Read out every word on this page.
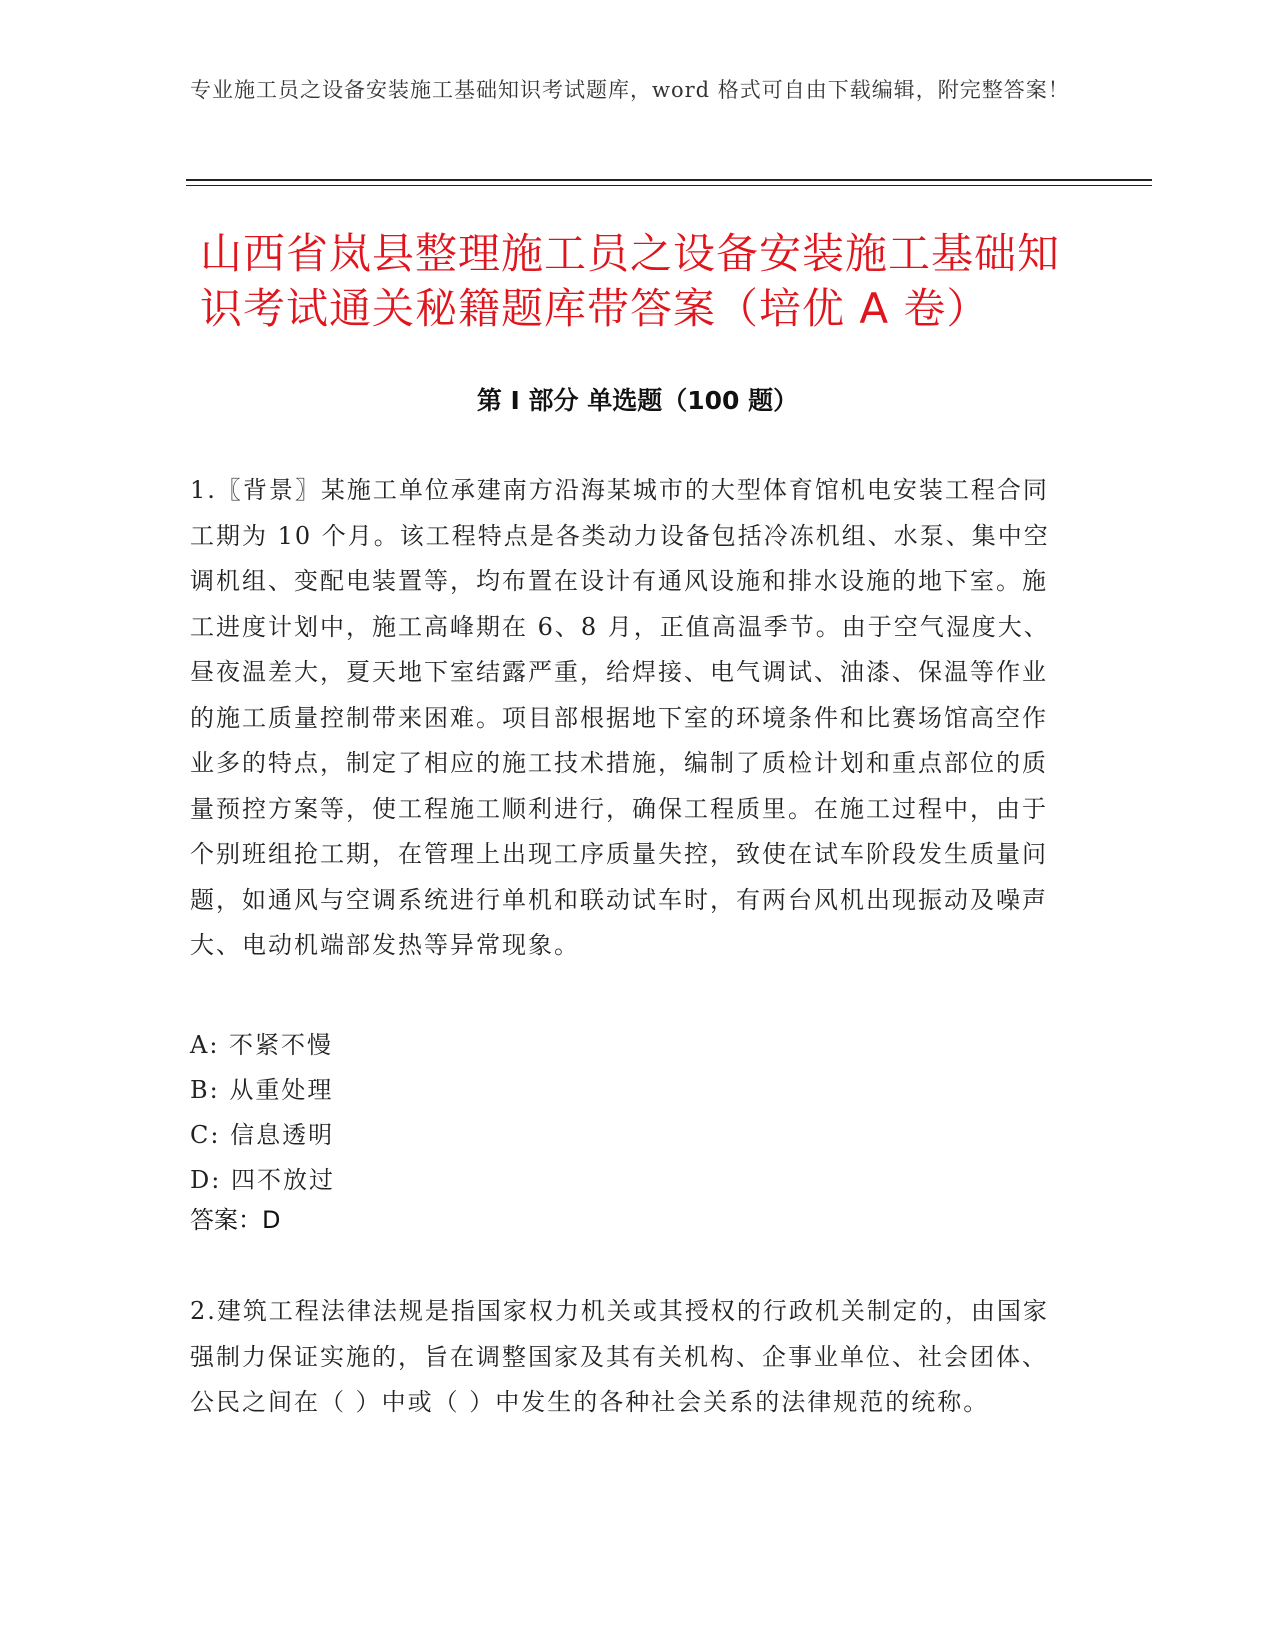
专业施工员之设备安装施工基础知识考试题库，word 格式可自由下载编辑，附完整答案！
山西省岚县整理施工员之设备安装施工基础知识考试通关秘籍题库带答案（培优 A 卷）
第 I 部分 单选题（100 题）
1.〖背景〗某施工单位承建南方沿海某城市的大型体育馆机电安装工程合同工期为 10 个月。该工程特点是各类动力设备包括冷冻机组、水泵、集中空调机组、变配电装置等，均布置在设计有通风设施和排水设施的地下室。施工进度计划中，施工高峰期在 6、8 月，正值高温季节。由于空气湿度大、昼夜温差大，夏天地下室结露严重，给焊接、电气调试、油漆、保温等作业的施工质量控制带来困难。项目部根据地下室的环境条件和比赛场馆高空作业多的特点，制定了相应的施工技术措施，编制了质检计划和重点部位的质量预控方案等，使工程施工顺利进行，确保工程质里。在施工过程中，由于个别班组抢工期，在管理上出现工序质量失控，致使在试车阶段发生质量问题，如通风与空调系统进行单机和联动试车时，有两台风机出现振动及噪声大、电动机端部发热等异常现象。
A: 不紧不慢
B: 从重处理
C: 信息透明
D: 四不放过
答案：D
2.建筑工程法律法规是指国家权力机关或其授权的行政机关制定的，由国家强制力保证实施的，旨在调整国家及其有关机构、企事业单位、社会团体、公民之间在（ ）中或（ ）中发生的各种社会关系的法律规范的统称。
